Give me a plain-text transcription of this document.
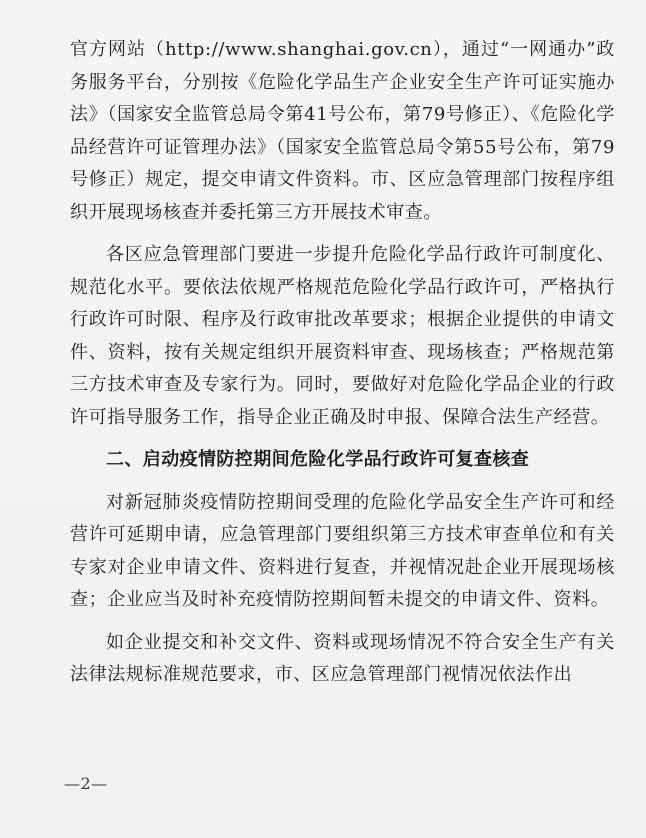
官方网站（http://www.shanghai.gov.cn），通过“一网通办”政务服务平台，分别按《危险化学品生产企业安全生产许可证实施办法》（国家安全监管总局令第41号公布，第79号修正）、《危险化学品经营许可证管理办法》（国家安全监管总局令第55号公布，第79号修正）规定，提交申请文件资料。市、区应急管理部门按程序组织开展现场核查并委托第三方开展技术审查。

各区应急管理部门要进一步提升危险化学品行政许可制度化、规范化水平。要依法依规严格规范危险化学品行政许可，严格执行行政许可时限、程序及行政审批改革要求；根据企业提供的申请文件、资料，按有关规定组织开展资料审查、现场核查；严格规范第三方技术审查及专家行为。同时，要做好对危险化学品企业的行政许可指导服务工作，指导企业正确及时申报、保障合法生产经营。

二、启动疫情防控期间危险化学品行政许可复查核查

对新冠肺炎疫情防控期间受理的危险化学品安全生产许可和经营许可延期申请，应急管理部门要组织第三方技术审查单位和有关专家对企业申请文件、资料进行复查，并视情况赴企业开展现场核查；企业应当及时补充疫情防控期间暂未提交的申请文件、资料。

如企业提交和补交文件、资料或现场情况不符合安全生产有关法律法规标准规范要求，市、区应急管理部门视情况依法作出

—2—
